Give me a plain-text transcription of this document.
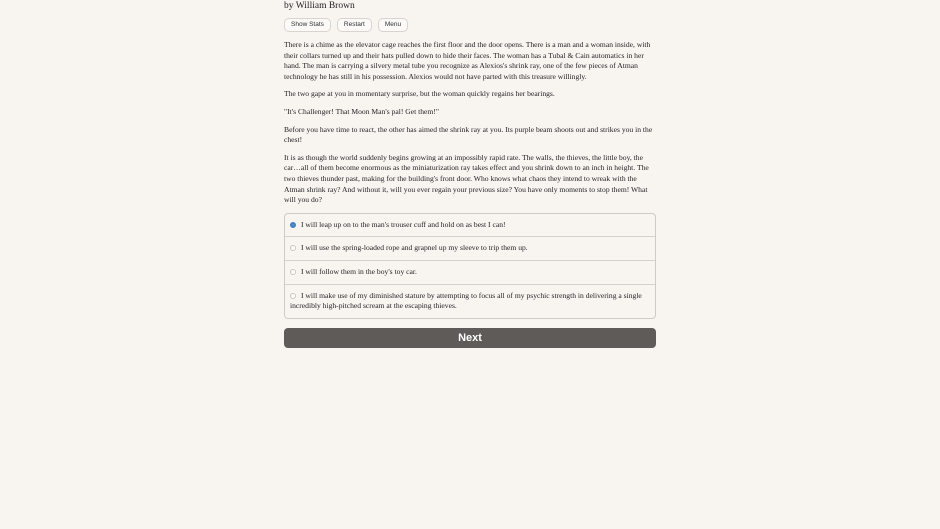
by William Brown
Show Stats	Restart	Menu

There is a chime as the elevator cage reaches the first floor and the door opens. There is a man and a woman inside, with their collars turned up and their hats pulled down to hide their faces. The woman has a Tubal & Cain automatics in her hand. The man is carrying a silvery metal tube you recognize as Alexios's shrink ray, one of the few pieces of Atman technology he has still in his possession. Alexios would not have parted with this treasure willingly.

The two gape at you in momentary surprise, but the woman quickly regains her bearings.

"It's Challenger! That Moon Man's pal! Get them!"

Before you have time to react, the other has aimed the shrink ray at you. Its purple beam shoots out and strikes you in the chest!

It is as though the world suddenly begins growing at an impossibly rapid rate. The walls, the thieves, the little boy, the car…all of them become enormous as the miniaturization ray takes effect and you shrink down to an inch in height. The two thieves thunder past, making for the building's front door. Who knows what chaos they intend to wreak with the Atman shrink ray? And without it, will you ever regain your previous size? You have only moments to stop them! What will you do?

I will leap up on to the man's trouser cuff and hold on as best I can!
I will use the spring-loaded rope and grapnel up my sleeve to trip them up.
I will follow them in the boy's toy car.
I will make use of my diminished stature by attempting to focus all of my psychic strength in delivering a single incredibly high-pitched scream at the escaping thieves.
Next
